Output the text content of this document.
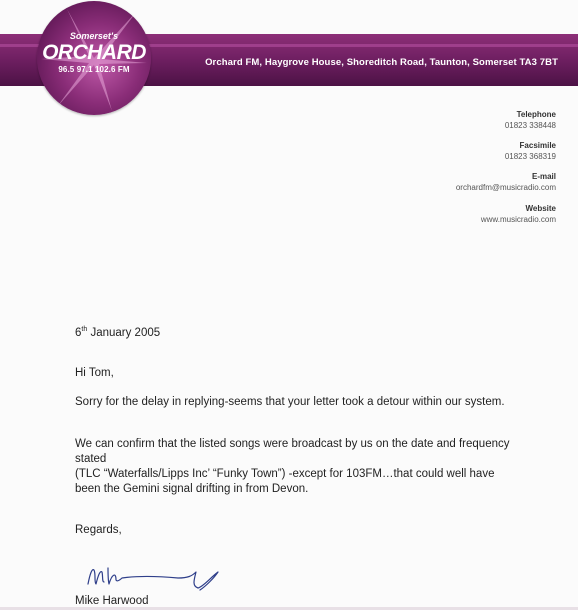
Orchard FM, Haygrove House, Shoreditch Road, Taunton, Somerset TA3 7BT
Somerset's
ORCHARD
96.5 97.1 102.6 FM
Telephone
01823 338448
Facsimile
01823 368319
E-mail
orchardfm@musicradio.com
Website
www.musicradio.com
6th January 2005
Hi Tom,
Sorry for the delay in replying-seems that your letter took a detour within our system.
We can confirm that the listed songs were broadcast by us on the date and frequency stated
(TLC “Waterfalls/Lipps Inc’ “Funky Town”) -except for 103FM…that could well have been the Gemini signal drifting in from Devon.
Regards,
Mike Harwood
